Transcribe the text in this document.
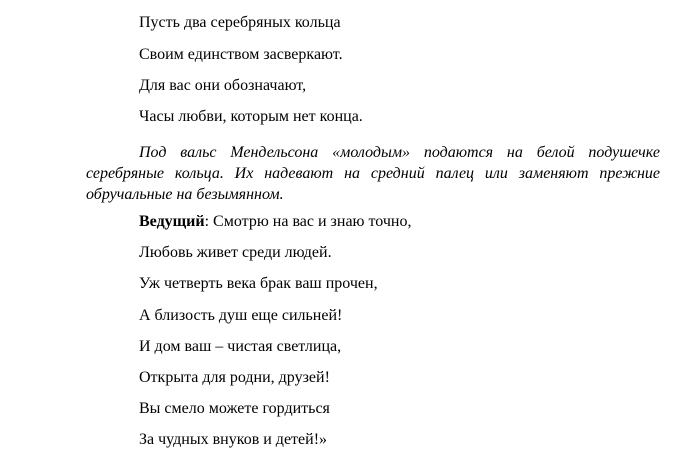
Пусть два серебряных кольца
Своим единством засверкают.
Для вас они обозначают,
Часы любви, которым нет конца.
Под вальс Мендельсона «молодым» подаются на белой подушечке серебряные кольца. Их надевают на средний палец или заменяют прежние обручальные на безымянном.
Ведущий: Смотрю на вас и знаю точно,
Любовь живет среди людей.
Уж четверть века брак ваш прочен,
А близость душ еще сильней!
И дом ваш – чистая светлица,
Открыта для родни, друзей!
Вы смело можете гордиться
За чудных внуков и детей!»
